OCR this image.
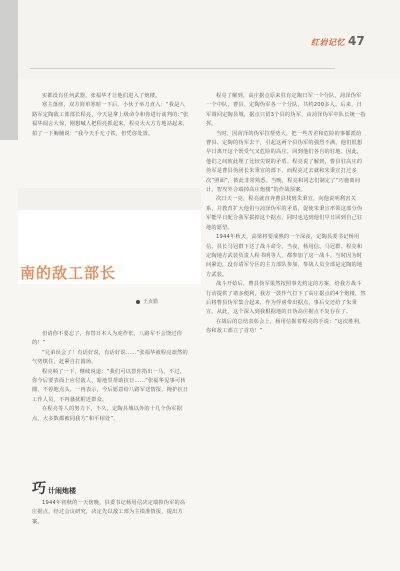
红岩记忆 47

实都没有任何武器，张福华才让他们进入了炮楼。

寒主落座，双方简单寒暄一下后，小伙子举刀直入：“我是八路军定陶敌工部部长程亮，今天是拿上级命令和你进行谈判的：”张福华闻言大惊，刚想喊人把程亮抓起来，程亮大大方方地站起来，拍了一下胸脯说：“我今天手无寸铁，但凭你处置。

南的敌工部长
王贞勤

但请你不要忘了，你替日本人为虎作伥，八路军不会饶过你的！”

“兄弟误会了！有话好说，有话好说……”张福华被程亮凛然的气势镇住，赶紧自打圆场。

程亮顿了一下，继续说道：“我们可以替你指出一马，不过，你今后要表面上应付敌人，暗地里帮助抗日……”张福华见事可转圜，不停地点头，一再表示，今后愿意给八路军送情报，掩护抗日工作人员，不再骚扰附近群众。

在程亮等人的努力下，不久，定陶县城以外的十几个伪军据点，大多数都被同我方“和平相处”。

巧计闹炮楼

1944年初秋的一天傍晚，县委书记杨用信决定端掉伪军的高庄据点，经过会议研究，决定先以敌工部为主摸准情报，提出方案。

程亮了解到，高庄据点原来驻有定陶日军一个分队，菏泽伪军一个中队，曹县、定陶伪军各一个分队，共约200多人。后来，日军调回定陶县城，据点只留3个县的伪军，由菏泽伪军中队长统一指挥。

当时，因菏泽的伪军拉帮势大，把一些苦差和危险的事都派给曹县、定陶的伪军去干，引起这两个县伪军的强烈不满，他们很想早日离开这个既受气又危险的高庄，回到他们各自的驻地。因此，他们之间彼此埋了比较尖锐的矛盾。程亮说了解到，曹县驻高庄的伪军是曹县伪团长朱秉宣的部下，而程亮过去就和朱秉宣打过多次“照面”，彼此非常熟悉。当晚，程亮和同志们制定了“巧施离间计，智攻外合端掉高庄炮楼”的作战预案。

次日天一亮，程亮就直奔曹县找到朱秉宣，向他说明利害关系，并教育扩大他们与菏泽伪军的矛盾，促使朱秉宣率领这部分伪军能早日配合我军拔掉这个据点，同时也达到他们早日回到自己驻地的愿望。

1944年秋天，高梁将要成熟的一个深夜，定陶县委书记杨用信、县长马冠群下达了战斗命令。当夜，杨用信、马冠群、程亮和定陶地方武装负责人程书明等人，都参加了这一战斗。当时因为时间紧迫，没有请军分区的主力部队参加，参战人员全部是定陶的地方武装。

战斗开始后，曹县伪军果然按照事先约定的方案，给我方战斗行动提供了诸多便利，我方一鼓作气打下了高庄据点的4个炮楼，然后将曹县伪军集合起来，作为俘虏带出据点，事后交还给了朱秉宣。从此，这个深入到我根据地的日伪高庄据点不复存在了。

在战后的总结表彰会上，杨用信握着程亮的手说：“这次胜利，你和敌工部立了首功！”
